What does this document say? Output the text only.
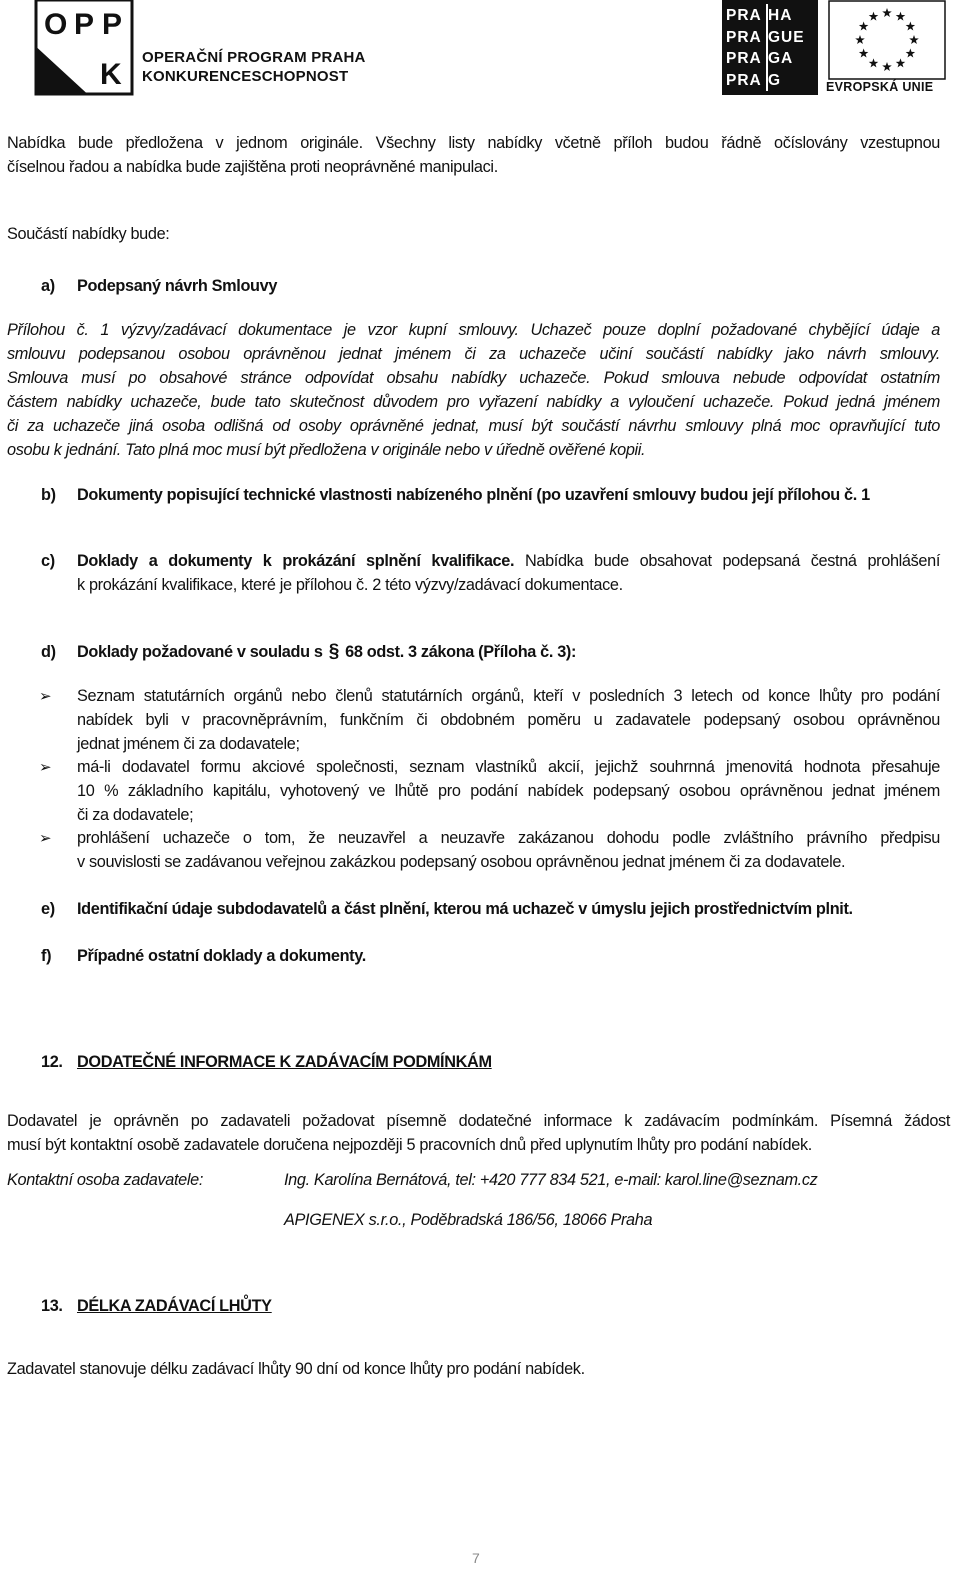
O P P
K
OPERAČNÍ PROGRAM PRAHA
KONKURENCESCHOPNOST
PRA HA
PRA GUE
PRA GA
PRA G	EVROPSKÁ UNIE
Nabídka bude předložena v jednom originále. Všechny listy nabídky včetně příloh budou řádně očíslovány vzestupnou
číselnou řadou a nabídka bude zajištěna proti neoprávněné manipulaci.
Součástí nabídky bude:
a) Podepsaný návrh Smlouvy
Přílohou č. 1 výzvy/zadávací dokumentace je vzor kupní smlouvy. Uchazeč pouze doplní požadované chybějící údaje a
smlouvu podepsanou osobou oprávněnou jednat jménem či za uchazeče učiní součástí nabídky jako návrh smlouvy.
Smlouva musí po obsahové stránce odpovídat obsahu nabídky uchazeče. Pokud smlouva nebude odpovídat ostatním
částem nabídky uchazeče, bude tato skutečnost důvodem pro vyřazení nabídky a vyloučení uchazeče. Pokud jedná jménem
či za uchazeče jiná osoba odlišná od osoby oprávněné jednat, musí být součástí návrhu smlouvy plná moc opravňující tuto
osobu k jednání. Tato plná moc musí být předložena v originále nebo v úředně ověřené kopii.
b) Dokumenty popisující technické vlastnosti nabízeného plnění (po uzavření smlouvy budou její přílohou č. 1
c) Doklady a dokumenty k prokázání splnění kvalifikace. Nabídka bude obsahovat podepsaná čestná prohlášení
k prokázání kvalifikace, které je přílohou č. 2 této výzvy/zadávací dokumentace.
d) Doklady požadované v souladu s § 68 odst. 3 zákona (Příloha č. 3):
➢ Seznam statutárních orgánů nebo členů statutárních orgánů, kteří v posledních 3 letech od konce lhůty pro podání
nabídek byli v pracovněprávním, funkčním či obdobném poměru u zadavatele podepsaný osobou oprávněnou
jednat jménem či za dodavatele;
➢ má-li dodavatel formu akciové společnosti, seznam vlastníků akcií, jejichž souhrnná jmenovitá hodnota přesahuje
10 % základního kapitálu, vyhotovený ve lhůtě pro podání nabídek podepsaný osobou oprávněnou jednat jménem
či za dodavatele;
➢ prohlášení uchazeče o tom, že neuzavřel a neuzavře zakázanou dohodu podle zvláštního právního předpisu
v souvislosti se zadávanou veřejnou zakázkou podepsaný osobou oprávněnou jednat jménem či za dodavatele.
e) Identifikační údaje subdodavatelů a část plnění, kterou má uchazeč v úmyslu jejich prostřednictvím plnit.
f) Případné ostatní doklady a dokumenty.
12. DODATEČNÉ INFORMACE K ZADÁVACÍM PODMÍNKÁM
Dodavatel je oprávněn po zadavateli požadovat písemně dodatečné informace k zadávacím podmínkám. Písemná žádost
musí být kontaktní osobě zadavatele doručena nejpozději 5 pracovních dnů před uplynutím lhůty pro podání nabídek.
Kontaktní osoba zadavatele:	Ing. Karolína Bernátová, tel: +420 777 834 521, e-mail: karol.line@seznam.cz
APIGENEX s.r.o., Poděbradská 186/56, 18066 Praha
13. DÉLKA ZADÁVACÍ LHŮTY
Zadavatel stanovuje délku zadávací lhůty 90 dní od konce lhůty pro podání nabídek.
7
